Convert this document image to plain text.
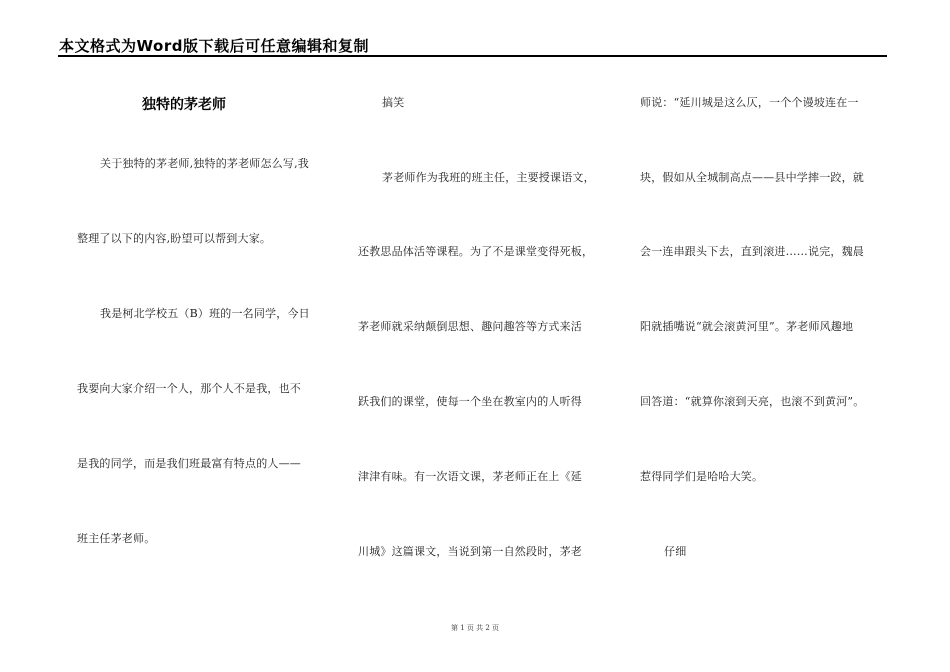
本文格式为Word版下载后可任意编辑和复制
独特的茅老师
关于独特的茅老师,独特的茅老师怎么写,我
整理了以下的内容,盼望可以帮到大家。
我是柯北学校五（B）班的一名同学，今日
我要向大家介绍一个人，那个人不是我，也不
是我的同学，而是我们班最富有特点的人——
班主任茅老师。
搞笑
茅老师作为我班的班主任，主要授课语文，
还教思品体活等课程。为了不是课堂变得死板，
茅老师就采纳颠倒思想、趣问趣答等方式来活
跃我们的课堂，使每一个坐在教室内的人听得
津津有味。有一次语文课，茅老师正在上《延
川城》这篇课文，当说到第一自然段时，茅老
师说：“延川城是这么仄，一个个谩坡连在一
块，假如从全城制高点——县中学摔一跤，就
会一连串跟头下去，直到滚进……说完，魏晨
阳就插嘴说“就会滚黄河里”。茅老师风趣地
回答道：“就算你滚到天亮，也滚不到黄河”。
惹得同学们是哈哈大笑。
仔细
第 1 页 共 2 页
